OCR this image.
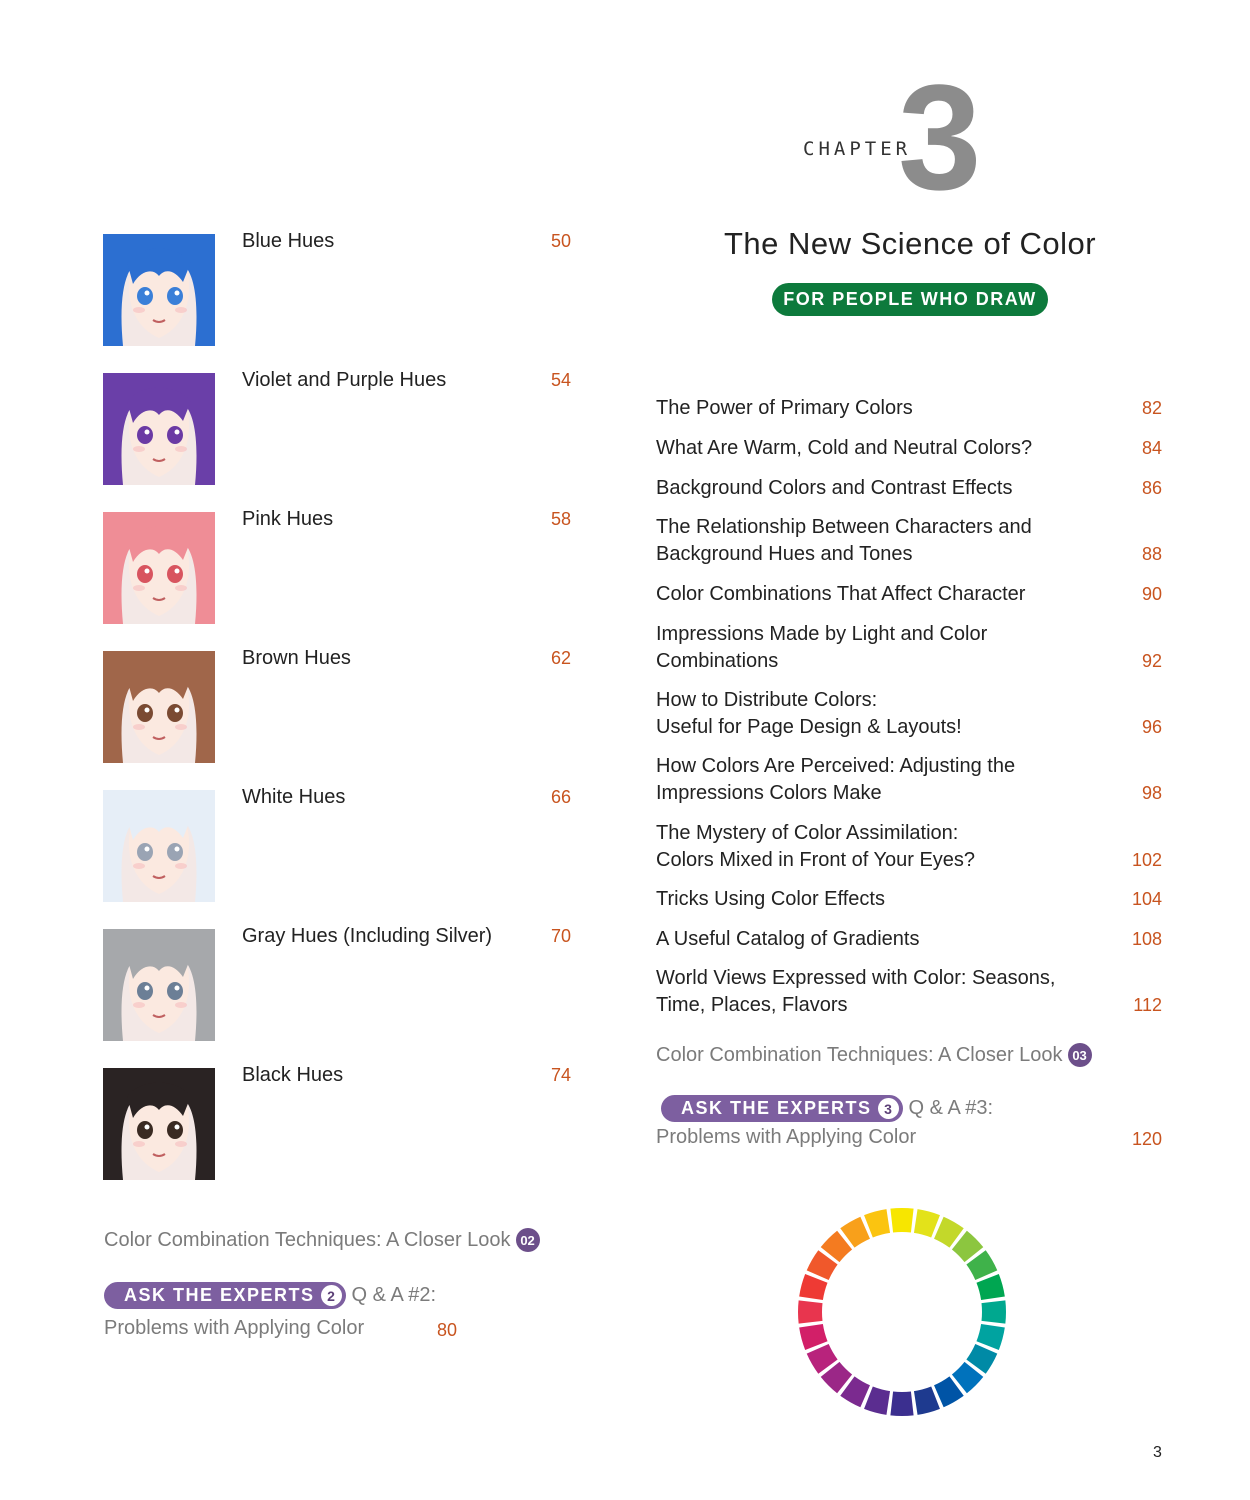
Blue Hues	50
Violet and Purple Hues	54
Pink Hues	58
Brown Hues	62
White Hues	66
Gray Hues (Including Silver)	70
Black Hues	74
Color Combination Techniques: A Closer Look 02
ASK THE EXPERTS 2 Q & A #2:
Problems with Applying Color	80
CHAPTER
3
The New Science of Color
FOR PEOPLE WHO DRAW
The Power of Primary Colors	82
What Are Warm, Cold and Neutral Colors?	84
Background Colors and Contrast Effects	86
The Relationship Between Characters and
Background Hues and Tones	88
Color Combinations That Affect Character	90
Impressions Made by Light and Color
Combinations	92
How to Distribute Colors:
Useful for Page Design & Layouts!	96
How Colors Are Perceived: Adjusting the
Impressions Colors Make	98
The Mystery of Color Assimilation:
Colors Mixed in Front of Your Eyes?	102
Tricks Using Color Effects	104
A Useful Catalog of Gradients	108
World Views Expressed with Color: Seasons,
Time, Places, Flavors	112
Color Combination Techniques: A Closer Look 03
ASK THE EXPERTS 3 Q & A #3:
Problems with Applying Color	120
3
